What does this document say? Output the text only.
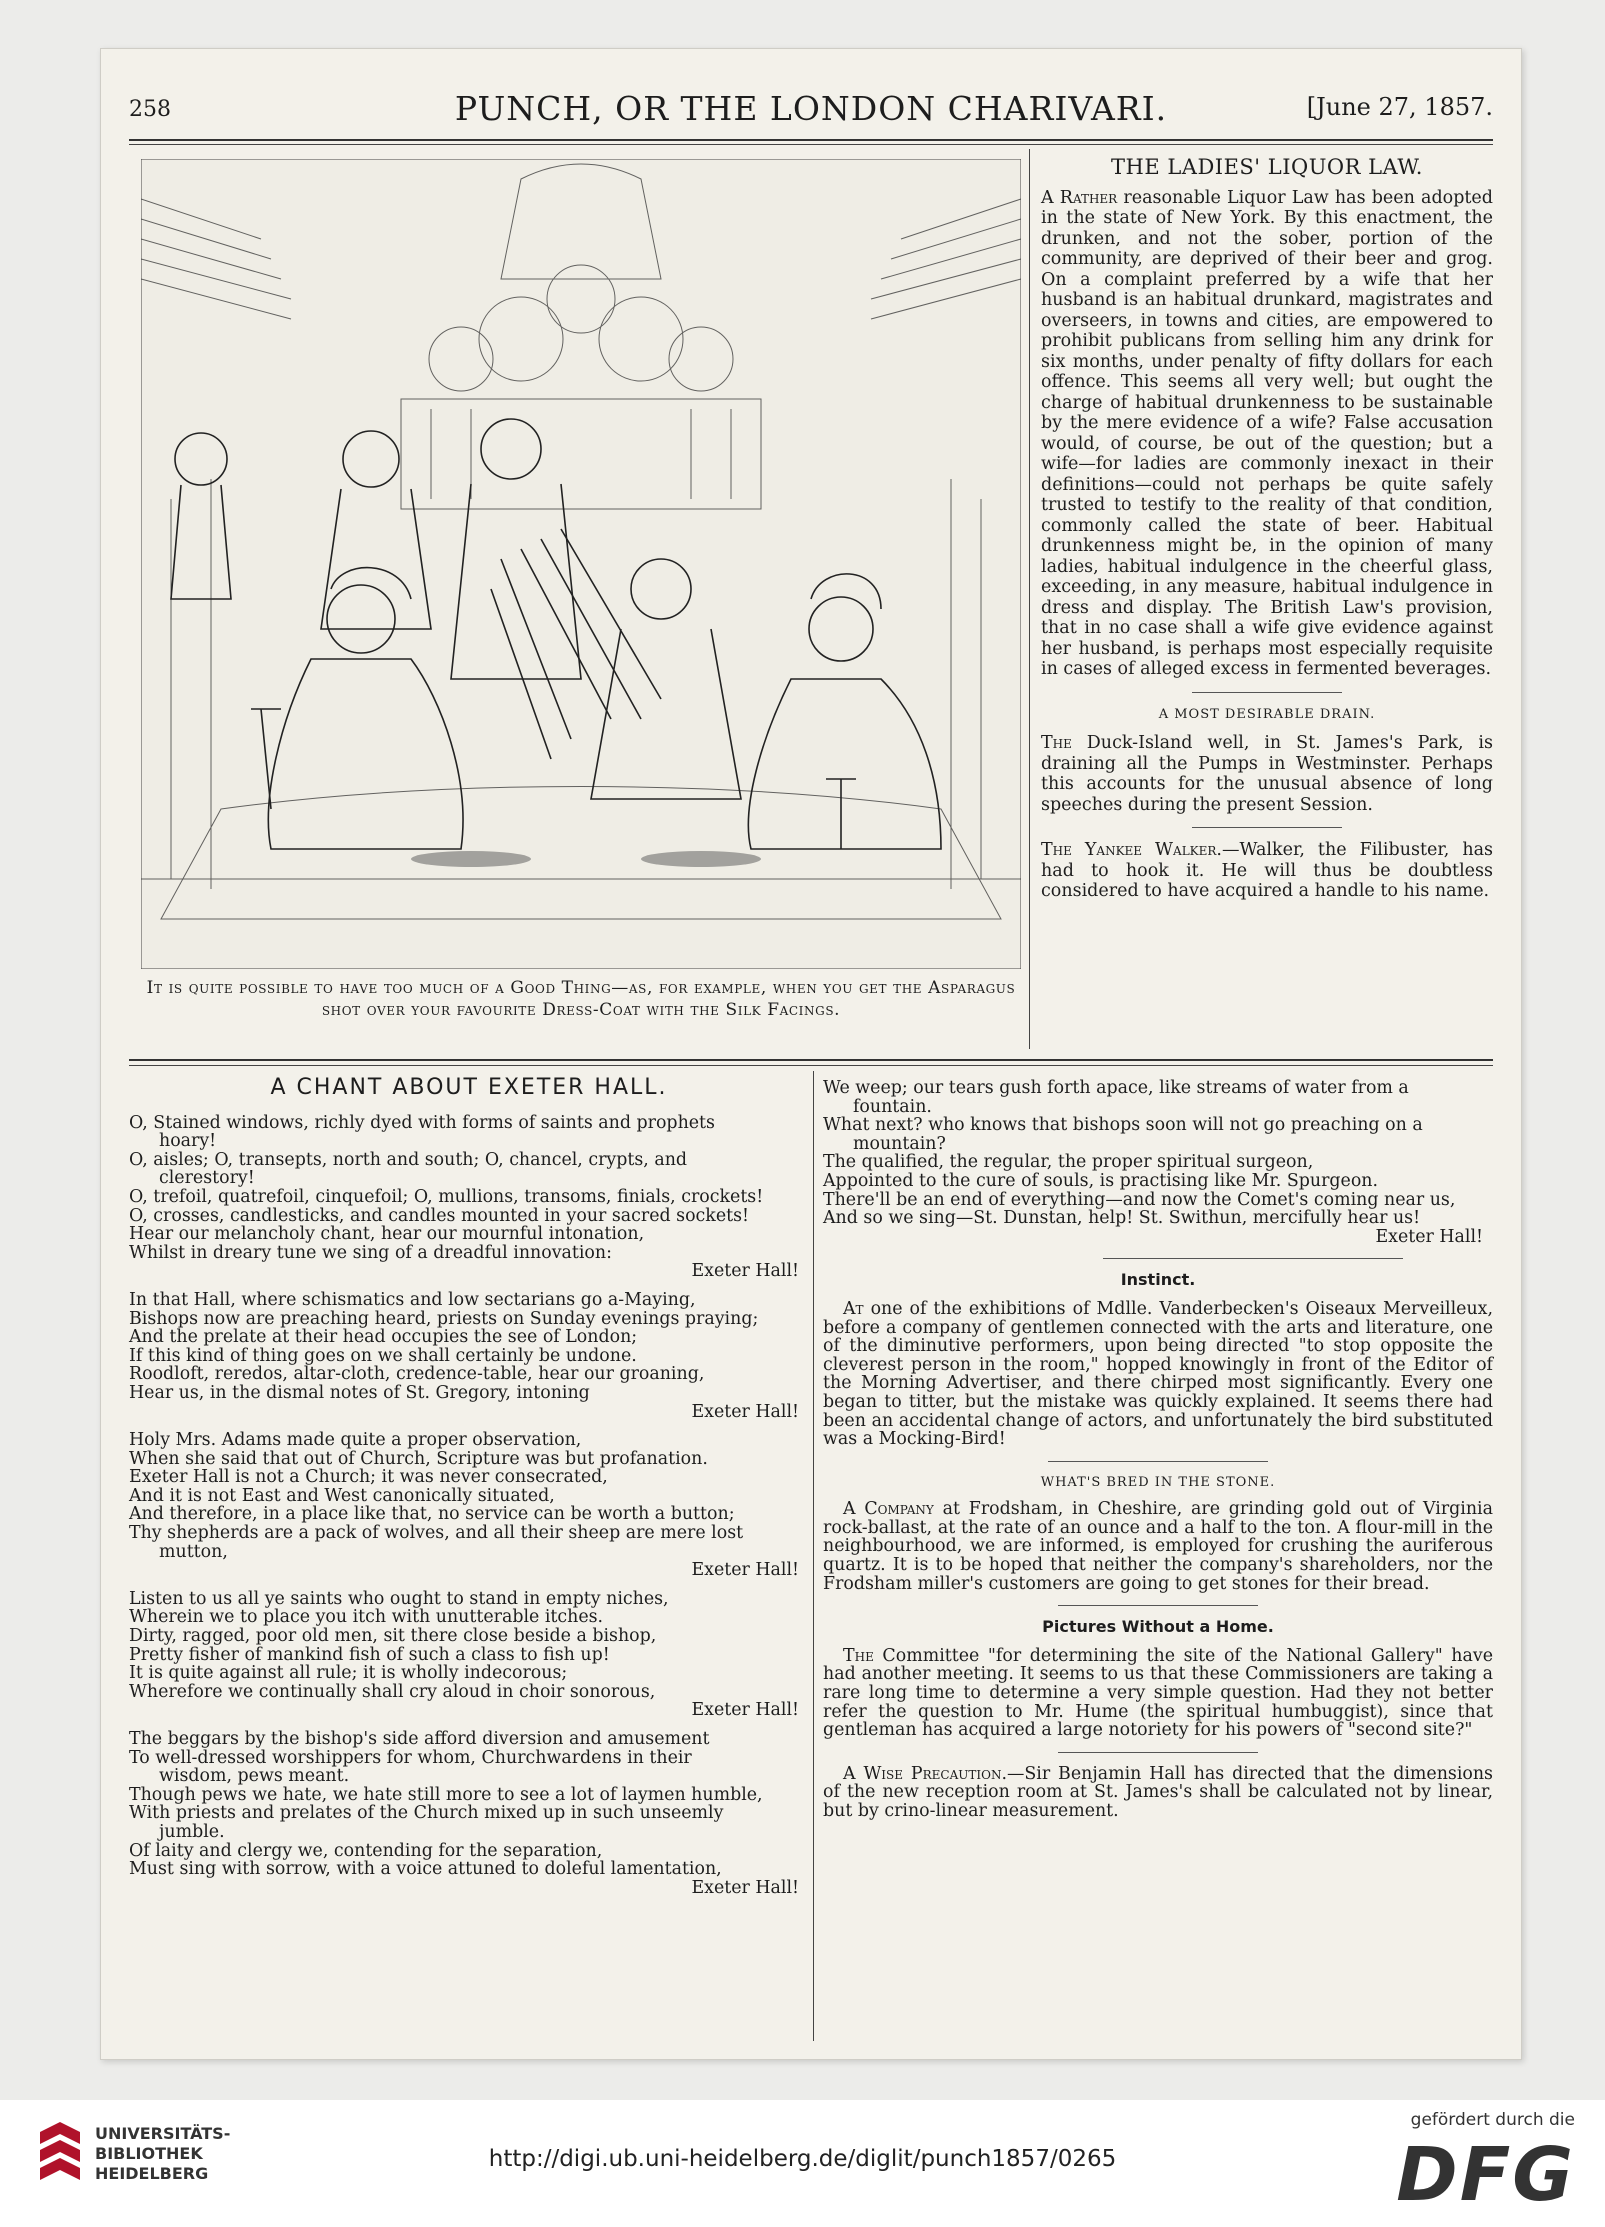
258	PUNCH, OR THE LONDON CHARIVARI.	[June 27, 1857.
It is quite possible to have too much of a Good Thing—as, for example, when you get the Asparagus shot over your favourite Dress-Coat with the Silk Facings.
THE LADIES' LIQUOR LAW.

A Rather reasonable Liquor Law has been adopted in the state of New York. By this enactment, the drunken, and not the sober, portion of the community, are deprived of their beer and grog. On a complaint preferred by a wife that her husband is an habitual drunkard, magistrates and overseers, in towns and cities, are empowered to prohibit publicans from selling him any drink for six months, under penalty of fifty dollars for each offence. This seems all very well; but ought the charge of habitual drunkenness to be sustainable by the mere evidence of a wife? False accusation would, of course, be out of the question; but a wife—for ladies are commonly inexact in their definitions—could not perhaps be quite safely trusted to testify to the reality of that condition, commonly called the state of beer. Habitual drunkenness might be, in the opinion of many ladies, habitual indulgence in the cheerful glass, exceeding, in any measure, habitual indulgence in dress and display. The British Law's provision, that in no case shall a wife give evidence against her husband, is perhaps most especially requisite in cases of alleged excess in fermented beverages.

A MOST DESIRABLE DRAIN.

The Duck-Island well, in St. James's Park, is draining all the Pumps in Westminster. Perhaps this accounts for the unusual absence of long speeches during the present Session.

The Yankee Walker.—Walker, the Filibuster, has had to hook it. He will thus be doubtless considered to have acquired a handle to his name.

A CHANT ABOUT EXETER HALL.

O, Stained windows, richly dyed with forms of saints and prophets

hoary!

O, aisles; O, transepts, north and south; O, chancel, crypts, and

clerestory!

O, trefoil, quatrefoil, cinquefoil; O, mullions, transoms, finials, crockets!

O, crosses, candlesticks, and candles mounted in your sacred sockets!

Hear our melancholy chant, hear our mournful intonation,

Whilst in dreary tune we sing of a dreadful innovation:

Exeter Hall!

In that Hall, where schismatics and low sectarians go a-Maying,

Bishops now are preaching heard, priests on Sunday evenings praying;

And the prelate at their head occupies the see of London;

If this kind of thing goes on we shall certainly be undone.

Roodloft, reredos, altar-cloth, credence-table, hear our groaning,

Hear us, in the dismal notes of St. Gregory, intoning

Exeter Hall!

Holy Mrs. Adams made quite a proper observation,

When she said that out of Church, Scripture was but profanation.

Exeter Hall is not a Church; it was never consecrated,

And it is not East and West canonically situated,

And therefore, in a place like that, no service can be worth a button;

Thy shepherds are a pack of wolves, and all their sheep are mere lost

mutton,

Exeter Hall!

Listen to us all ye saints who ought to stand in empty niches,

Wherein we to place you itch with unutterable itches.

Dirty, ragged, poor old men, sit there close beside a bishop,

Pretty fisher of mankind fish of such a class to fish up!

It is quite against all rule; it is wholly indecorous;

Wherefore we continually shall cry aloud in choir sonorous,

Exeter Hall!

The beggars by the bishop's side afford diversion and amusement

To well-dressed worshippers for whom, Churchwardens in their

wisdom, pews meant.

Though pews we hate, we hate still more to see a lot of laymen humble,

With priests and prelates of the Church mixed up in such unseemly

jumble.

Of laity and clergy we, contending for the separation,

Must sing with sorrow, with a voice attuned to doleful lamentation,

Exeter Hall!

We weep; our tears gush forth apace, like streams of water from a

fountain.

What next? who knows that bishops soon will not go preaching on a

mountain?

The qualified, the regular, the proper spiritual surgeon,

Appointed to the cure of souls, is practising like Mr. Spurgeon.

There'll be an end of everything—and now the Comet's coming near us,

And so we sing—St. Dunstan, help! St. Swithun, mercifully hear us!

Exeter Hall!

Instinct.

At one of the exhibitions of Mdlle. Vanderbecken's Oiseaux Merveilleux, before a company of gentlemen connected with the arts and literature, one of the diminutive performers, upon being directed "to stop opposite the cleverest person in the room," hopped knowingly in front of the Editor of the Morning Advertiser, and there chirped most significantly. Every one began to titter, but the mistake was quickly explained. It seems there had been an accidental change of actors, and unfortunately the bird substituted was a Mocking-Bird!

WHAT'S BRED IN THE STONE.

A Company at Frodsham, in Cheshire, are grinding gold out of Virginia rock-ballast, at the rate of an ounce and a half to the ton. A flour-mill in the neighbourhood, we are informed, is employed for crushing the auriferous quartz. It is to be hoped that neither the company's shareholders, nor the Frodsham miller's customers are going to get stones for their bread.

Pictures Without a Home.

The Committee "for determining the site of the National Gallery" have had another meeting. It seems to us that these Commissioners are taking a rare long time to determine a very simple question. Had they not better refer the question to Mr. Hume (the spiritual humbuggist), since that gentleman has acquired a large notoriety for his powers of "second site?"

A Wise Precaution.—Sir Benjamin Hall has directed that the dimensions of the new reception room at St. James's shall be calculated not by linear, but by crino-linear measurement.

UNIVERSITÄTS-
BIBLIOTHEK
HEIDELBERG
http://digi.ub.uni-heidelberg.de/diglit/punch1857/0265
gefördert durch die
DFG
